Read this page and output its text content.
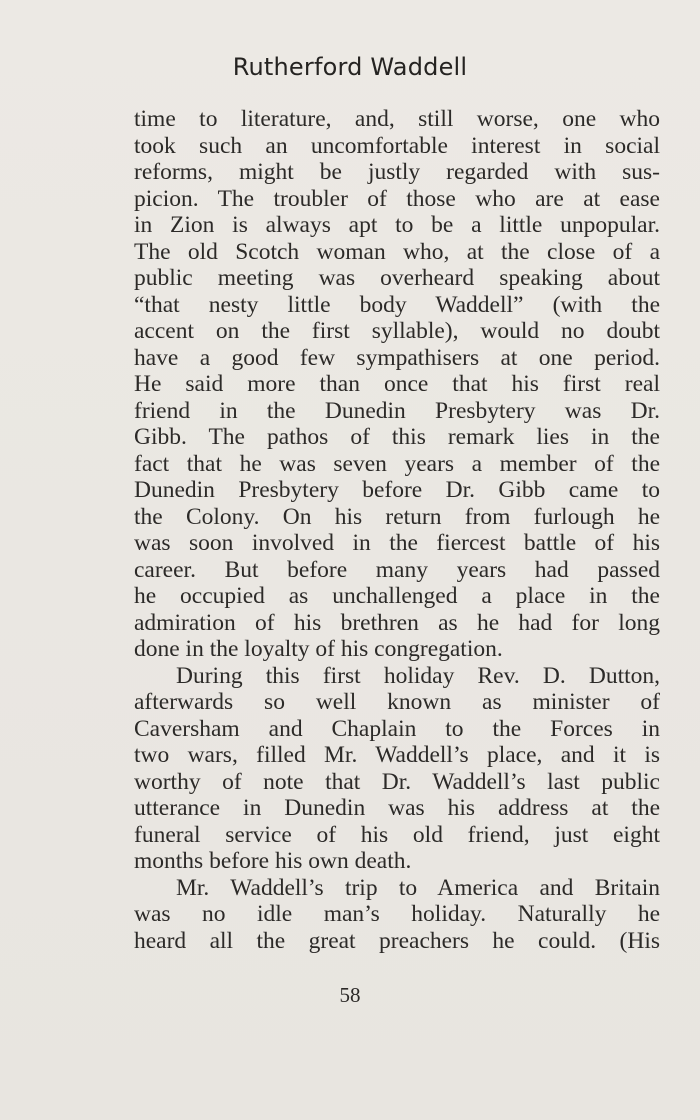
Rutherford Waddell
time to literature, and, still worse, one who
took such an uncomfortable interest in social
reforms, might be justly regarded with sus-
picion. The troubler of those who are at ease
in Zion is always apt to be a little unpopular.
The old Scotch woman who, at the close of a
public meeting was overheard speaking about
“that nesty little body Waddell” (with the
accent on the first syllable), would no doubt
have a good few sympathisers at one period.
He said more than once that his first real
friend in the Dunedin Presbytery was Dr.
Gibb. The pathos of this remark lies in the
fact that he was seven years a member of the
Dunedin Presbytery before Dr. Gibb came to
the Colony. On his return from furlough he
was soon involved in the fiercest battle of his
career. But before many years had passed
he occupied as unchallenged a place in the
admiration of his brethren as he had for long
done in the loyalty of his congregation.
During this first holiday Rev. D. Dutton,
afterwards so well known as minister of
Caversham and Chaplain to the Forces in
two wars, filled Mr. Waddell’s place, and it is
worthy of note that Dr. Waddell’s last public
utterance in Dunedin was his address at the
funeral service of his old friend, just eight
months before his own death.
Mr. Waddell’s trip to America and Britain
was no idle man’s holiday. Naturally he
heard all the great preachers he could. (His
58
